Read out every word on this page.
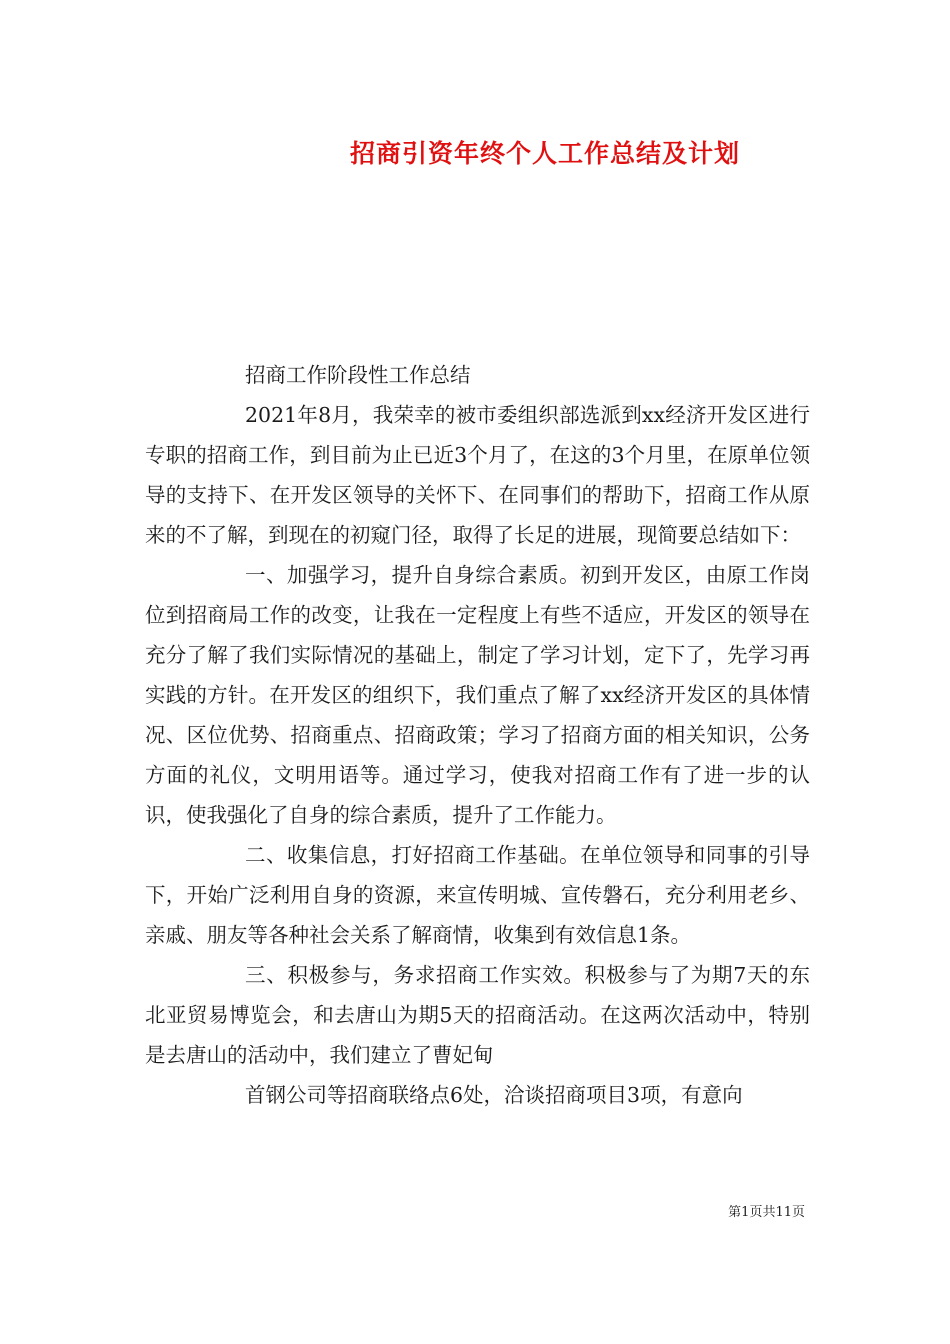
招商引资年终个人工作总结及计划

招商工作阶段性工作总结

2021年8月，我荣幸的被市委组织部选派到xx经济开发区进行专职的招商工作，到目前为止已近3个月了，在这的3个月里，在原单位领导的支持下、在开发区领导的关怀下、在同事们的帮助下，招商工作从原来的不了解，到现在的初窥门径，取得了长足的进展，现简要总结如下：

一、加强学习，提升自身综合素质。初到开发区，由原工作岗位到招商局工作的改变，让我在一定程度上有些不适应，开发区的领导在充分了解了我们实际情况的基础上，制定了学习计划，定下了，先学习再实践的方针。在开发区的组织下，我们重点了解了xx经济开发区的具体情况、区位优势、招商重点、招商政策；学习了招商方面的相关知识，公务方面的礼仪，文明用语等。通过学习，使我对招商工作有了进一步的认识，使我强化了自身的综合素质，提升了工作能力。

二、收集信息，打好招商工作基础。在单位领导和同事的引导下，开始广泛利用自身的资源，来宣传明城、宣传磐石，充分利用老乡、亲戚、朋友等各种社会关系了解商情，收集到有效信息1条。

三、积极参与，务求招商工作实效。积极参与了为期7天的东北亚贸易博览会，和去唐山为期5天的招商活动。在这两次活动中，特别是去唐山的活动中，我们建立了曹妃甸

首钢公司等招商联络点6处，洽谈招商项目3项，有意向

第1页共11页
